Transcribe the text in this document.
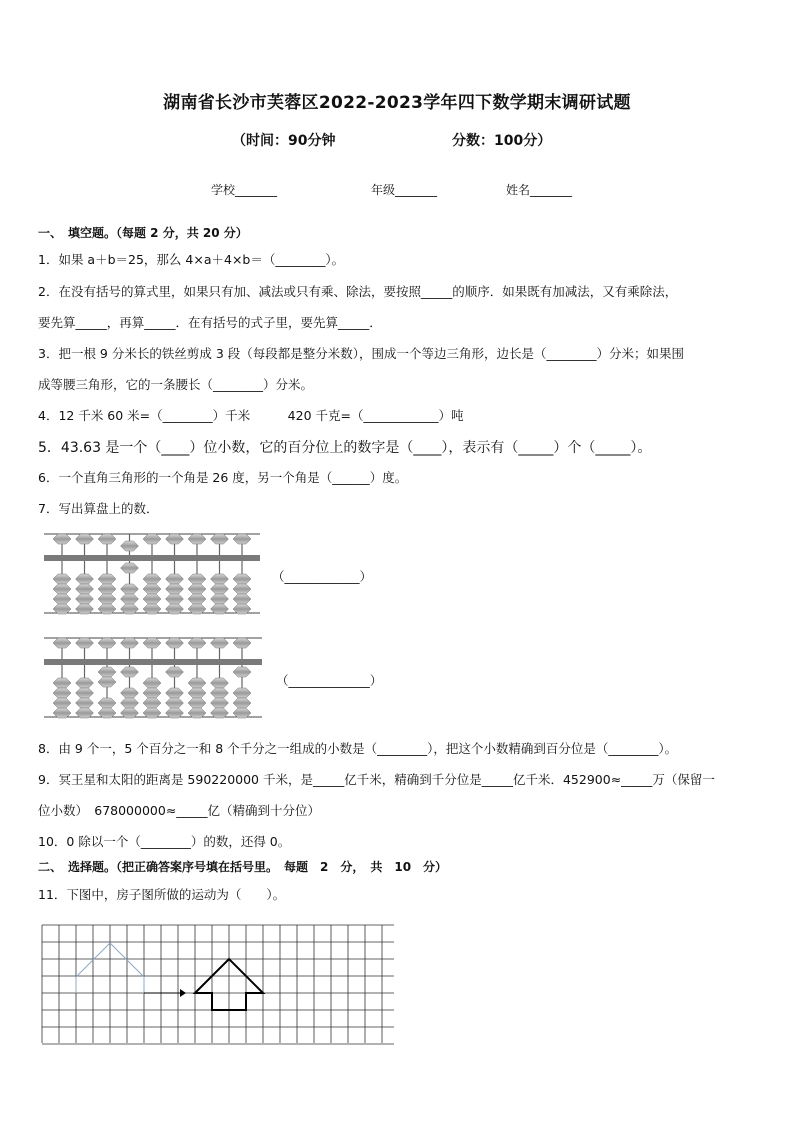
湖南省长沙市芙蓉区2022-2023学年四下数学期末调研试题
（时间：90分钟	分数：100分）
学校_______	年级_______	姓名_______
一、　填空题。（每题 2 分，共 20 分）
1．如果 a＋b＝25，那么 4×a＋4×b＝（________）。
2．在没有括号的算式里，如果只有加、减法或只有乘、除法，要按照_____的顺序．如果既有加减法，又有乘除法，
要先算_____，再算_____．在有括号的式子里，要先算_____．
3．把一根 9 分米长的铁丝剪成 3 段（每段都是整分米数），围成一个等边三角形，边长是（________）分米；如果围
成等腰三角形，它的一条腰长（________）分米。
4．12 千米 60 米=（________）千米　　　420 千克=（____________）吨
5．43.63 是一个（____）位小数，它的百分位上的数字是（____），表示有（_____）个（_____）。
6．一个直角三角形的一个角是 26 度，另一个角是（______）度。
7．写出算盘上的数．
（____________）
（_____________）
8．由 9 个一，5 个百分之一和 8 个千分之一组成的小数是（________），把这个小数精确到百分位是（________）。
9．冥王星和太阳的距离是 590220000 千米，是_____亿千米，精确到千分位是_____亿千米．452900≈_____万（保留一
位小数）　678000000≈_____亿（精确到十分位）
10．0 除以一个（________）的数，还得 0。
二、　选择题。（把正确答案序号填在括号里。　每题　2　分，　共　10　分）
11．下图中，房子图所做的运动为（　　）。
